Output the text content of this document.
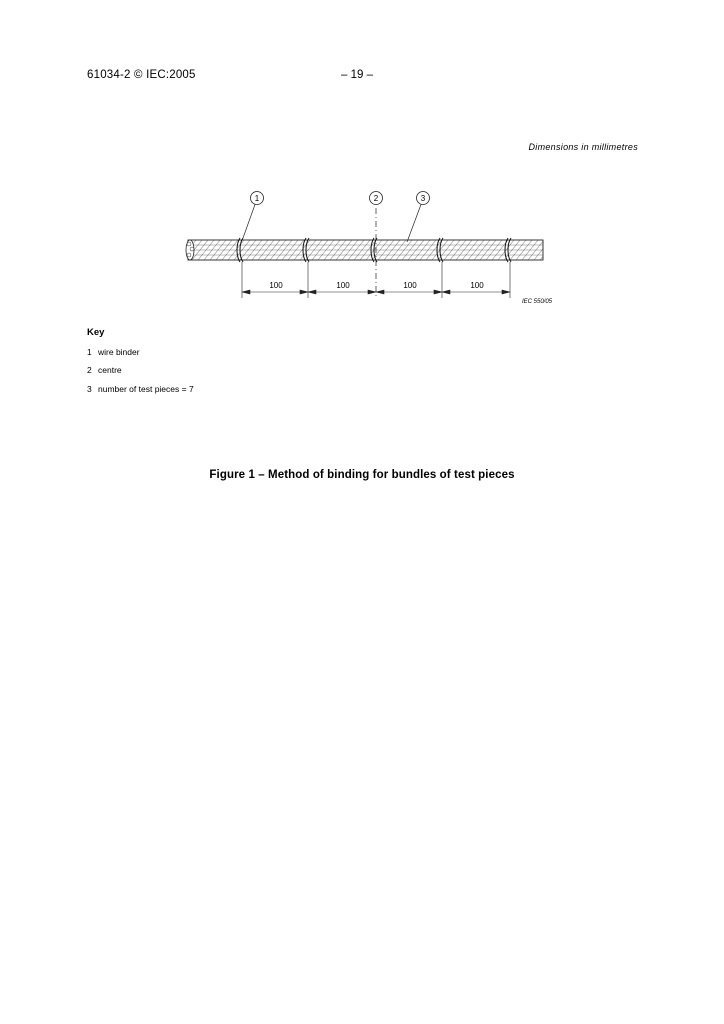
61034-2 © IEC:2005	– 19 –
Dimensions in millimetres
1	2	3
100	100	100	100
IEC 550/05
Key
1 wire binder
2 centre
3 number of test pieces = 7
Figure 1 – Method of binding for bundles of test pieces
